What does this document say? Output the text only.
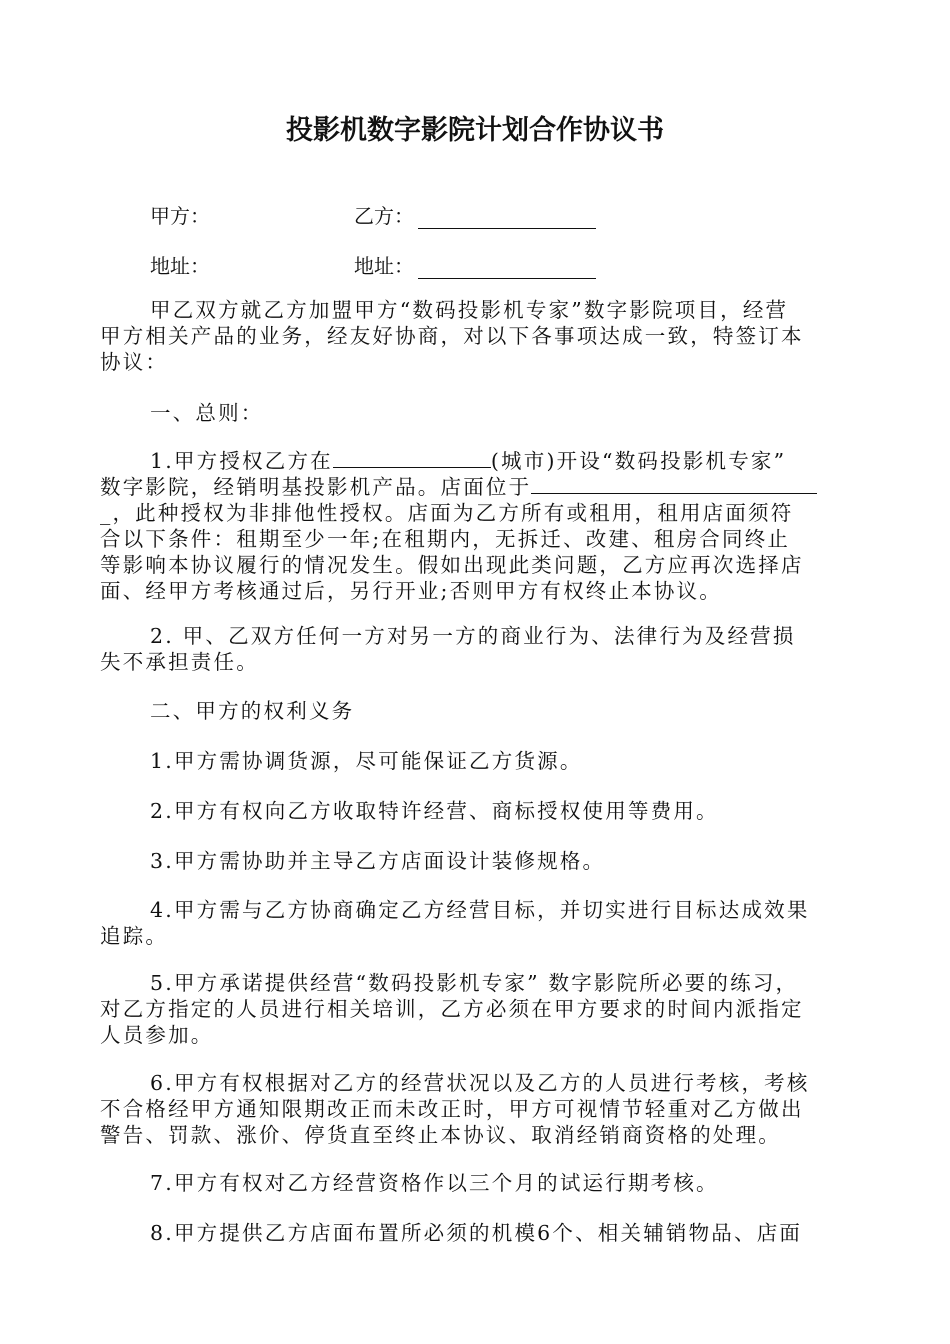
投影机数字影院计划合作协议书
甲方：	乙方：
地址：	地址：
甲乙双方就乙方加盟甲方“数码投影机专家”数字影院项目，经营
甲方相关产品的业务，经友好协商，对以下各事项达成一致，特签订本
协议：
一、总则：
1.甲方授权乙方在	(城市)开设“数码投影机专家”
数字影院，经销明基投影机产品。店面位于
_，此种授权为非排他性授权。店面为乙方所有或租用，租用店面须符
合以下条件：租期至少一年;在租期内，无拆迁、改建、租房合同终止
等影响本协议履行的情况发生。假如出现此类问题，乙方应再次选择店
面、经甲方考核通过后，另行开业;否则甲方有权终止本协议。
2. 甲、乙双方任何一方对另一方的商业行为、法律行为及经营损
失不承担责任。
二、甲方的权利义务
1.甲方需协调货源，尽可能保证乙方货源。
2.甲方有权向乙方收取特许经营、商标授权使用等费用。
3.甲方需协助并主导乙方店面设计装修规格。
4.甲方需与乙方协商确定乙方经营目标，并切实进行目标达成效果
追踪。
5.甲方承诺提供经营“数码投影机专家” 数字影院所必要的练习，
对乙方指定的人员进行相关培训，乙方必须在甲方要求的时间内派指定
人员参加。
6.甲方有权根据对乙方的经营状况以及乙方的人员进行考核，考核
不合格经甲方通知限期改正而未改正时，甲方可视情节轻重对乙方做出
警告、罚款、涨价、停货直至终止本协议、取消经销商资格的处理。
7.甲方有权对乙方经营资格作以三个月的试运行期考核。
8.甲方提供乙方店面布置所必须的机模6个、相关辅销物品、店面
